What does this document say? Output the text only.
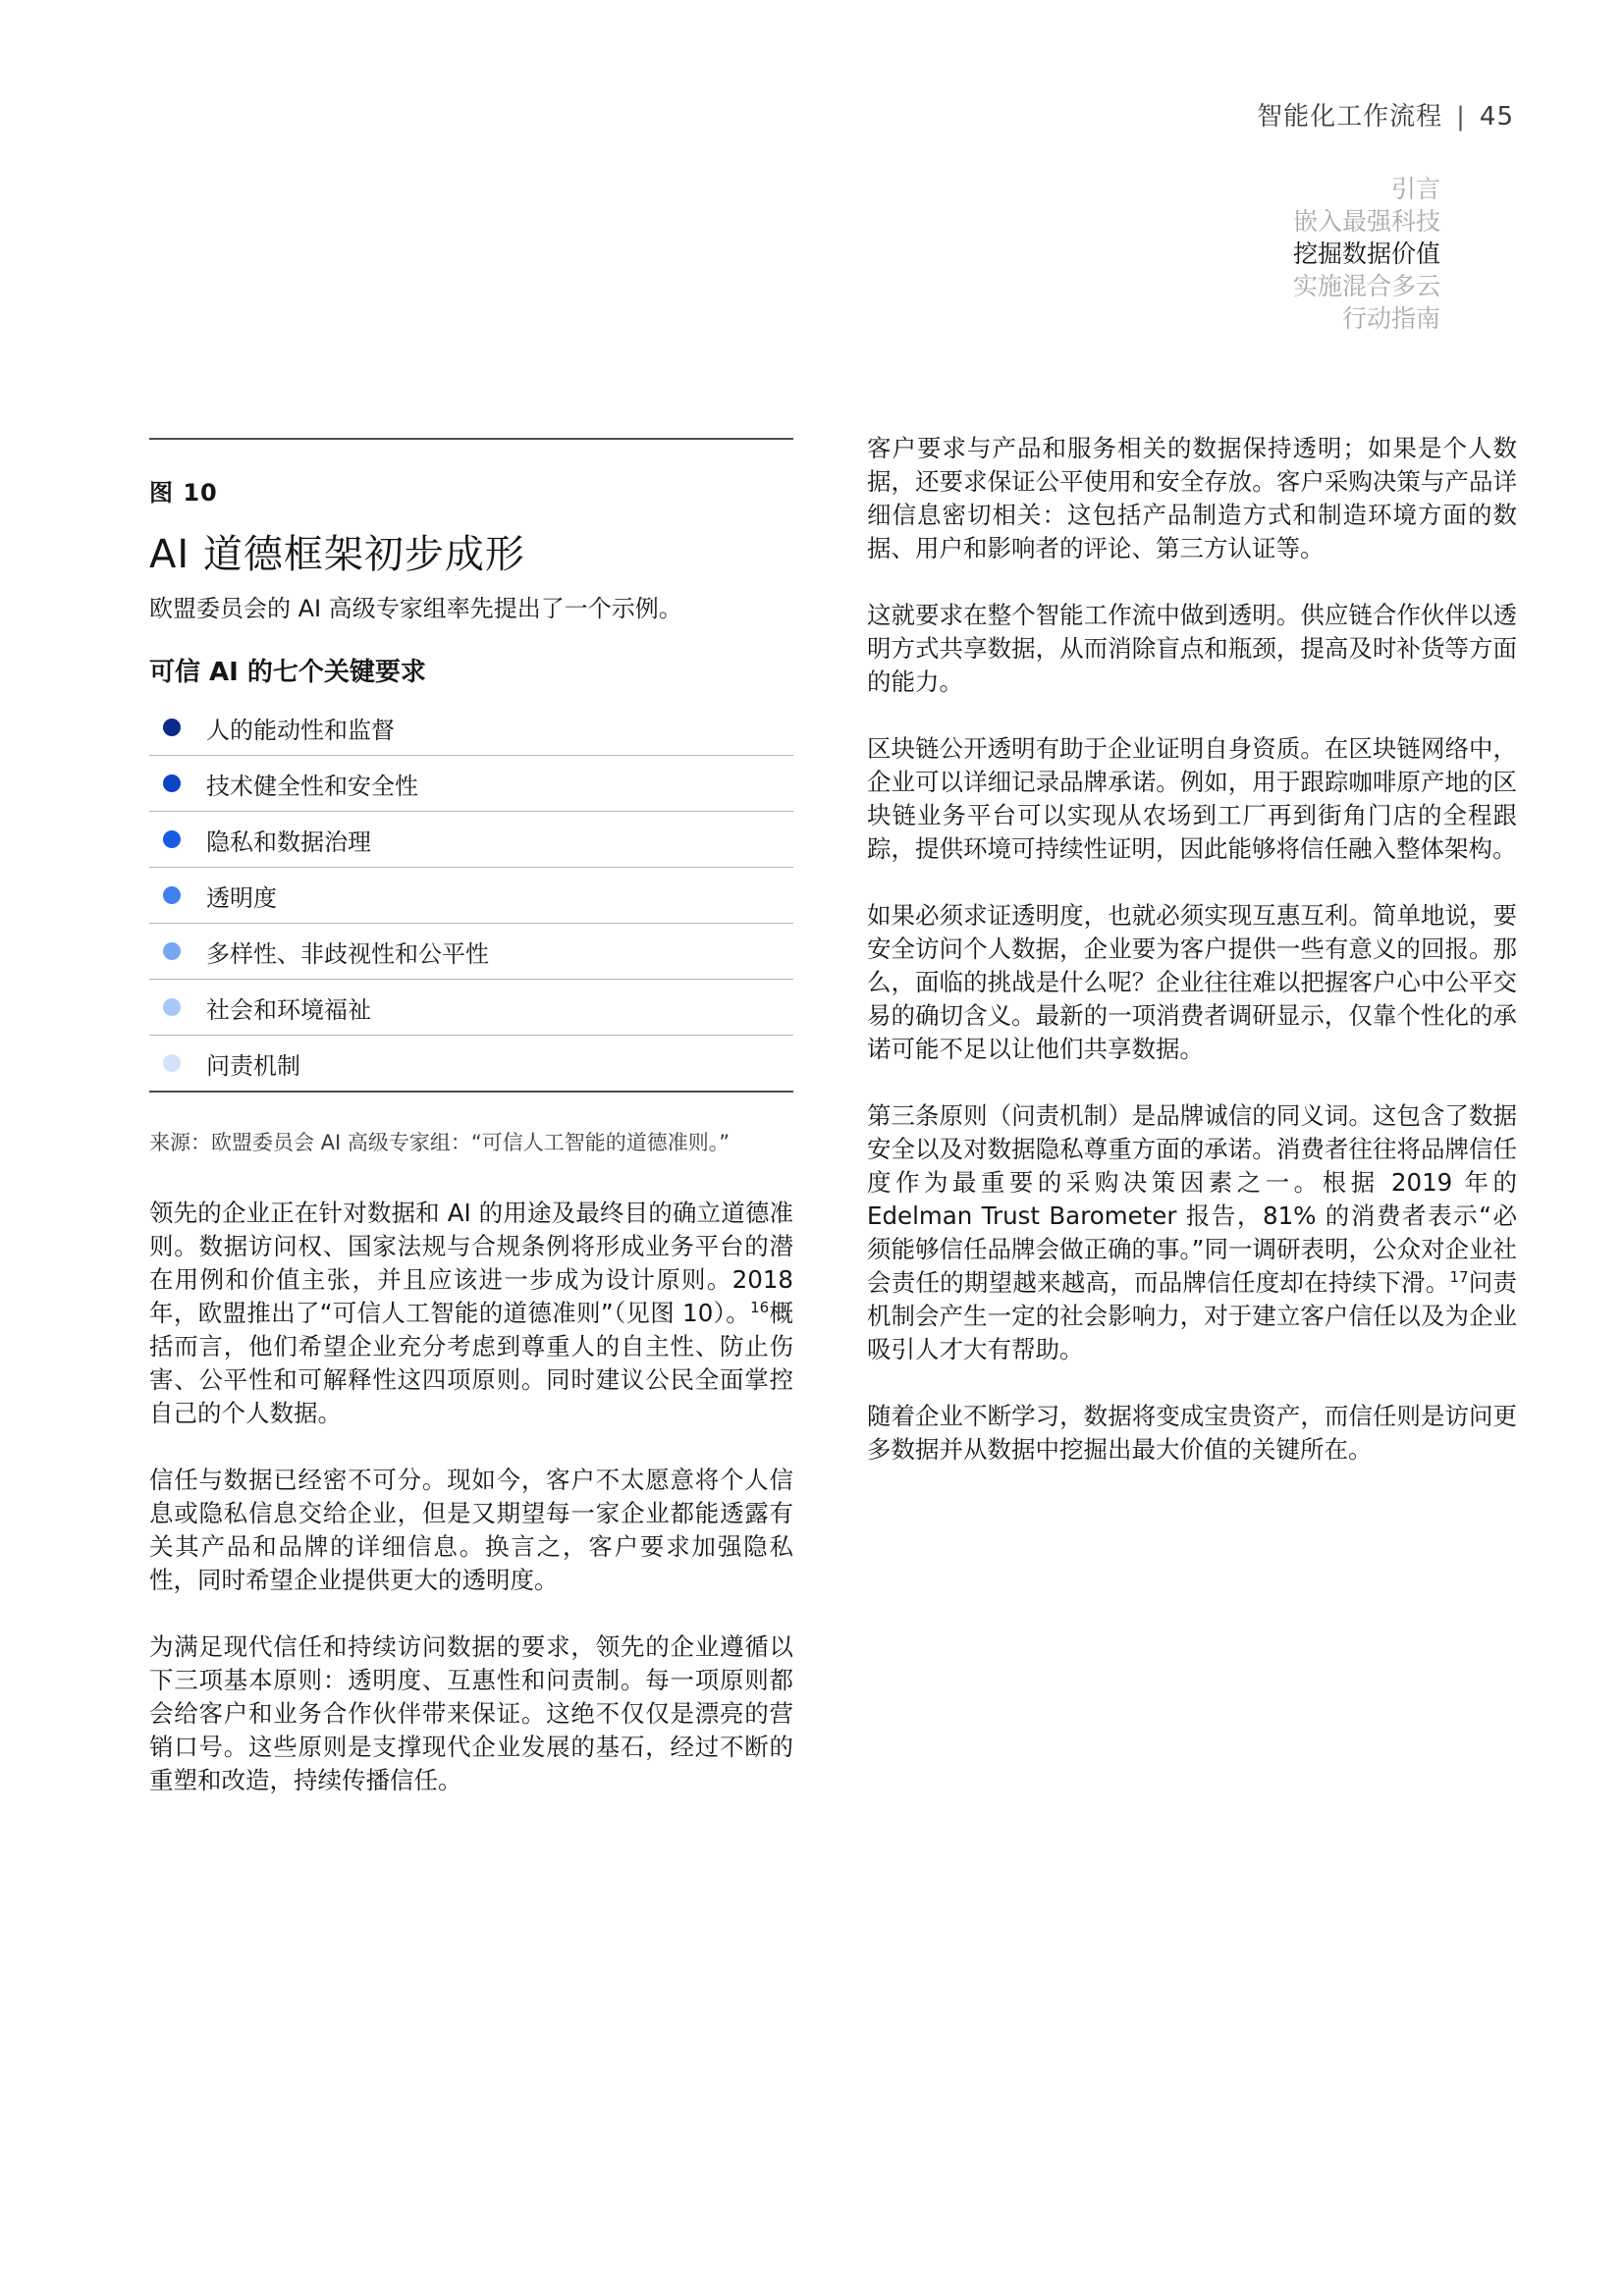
智能化工作流程 | 45
引言
嵌入最强科技
挖掘数据价值
实施混合多云
行动指南
图 10
AI 道德框架初步成形
欧盟委员会的 AI 高级专家组率先提出了一个示例。
可信 AI 的七个关键要求
人的能动性和监督
技术健全性和安全性
隐私和数据治理
透明度
多样性、非歧视性和公平性
社会和环境福祉
问责机制
来源：欧盟委员会 AI 高级专家组：“可信人工智能的道德准则。”

领先的企业正在针对数据和 AI 的用途及最终目的确立道德准则。数据访问权、国家法规与合规条例将形成业务平台的潜在用例和价值主张，并且应该进一步成为设计原则。2018 年，欧盟推出了“可信人工智能的道德准则”（见图 10）。$^{16}$概括而言，他们希望企业充分考虑到尊重人的自主性、防止伤害、公平性和可解释性这四项原则。同时建议公民全面掌控自己的个人数据。

信任与数据已经密不可分。现如今，客户不太愿意将个人信息或隐私信息交给企业，但是又期望每一家企业都能透露有关其产品和品牌的详细信息。换言之，客户要求加强隐私性，同时希望企业提供更大的透明度。

为满足现代信任和持续访问数据的要求，领先的企业遵循以下三项基本原则：透明度、互惠性和问责制。每一项原则都会给客户和业务合作伙伴带来保证。这绝不仅仅是漂亮的营销口号。这些原则是支撑现代企业发展的基石，经过不断的重塑和改造，持续传播信任。

客户要求与产品和服务相关的数据保持透明；如果是个人数据，还要求保证公平使用和安全存放。客户采购决策与产品详细信息密切相关：这包括产品制造方式和制造环境方面的数据、用户和影响者的评论、第三方认证等。

这就要求在整个智能工作流中做到透明。供应链合作伙伴以透明方式共享数据，从而消除盲点和瓶颈，提高及时补货等方面的能力。

区块链公开透明有助于企业证明自身资质。在区块链网络中，企业可以详细记录品牌承诺。例如，用于跟踪咖啡原产地的区块链业务平台可以实现从农场到工厂再到街角门店的全程跟踪，提供环境可持续性证明，因此能够将信任融入整体架构。

如果必须求证透明度，也就必须实现互惠互利。简单地说，要安全访问个人数据，企业要为客户提供一些有意义的回报。那么，面临的挑战是什么呢？企业往往难以把握客户心中公平交易的确切含义。最新的一项消费者调研显示，仅靠个性化的承诺可能不足以让他们共享数据。

第三条原则（问责机制）是品牌诚信的同义词。这包含了数据安全以及对数据隐私尊重方面的承诺。消费者往往将品牌信任度作为最重要的采购决策因素之一。根据 2019 年的 Edelman Trust Barometer 报告，81% 的消费者表示“必须能够信任品牌会做正确的事。”同一调研表明，公众对企业社会责任的期望越来越高，而品牌信任度却在持续下滑。$^{17}$问责机制会产生一定的社会影响力，对于建立客户信任以及为企业吸引人才大有帮助。

随着企业不断学习，数据将变成宝贵资产，而信任则是访问更多数据并从数据中挖掘出最大价值的关键所在。
